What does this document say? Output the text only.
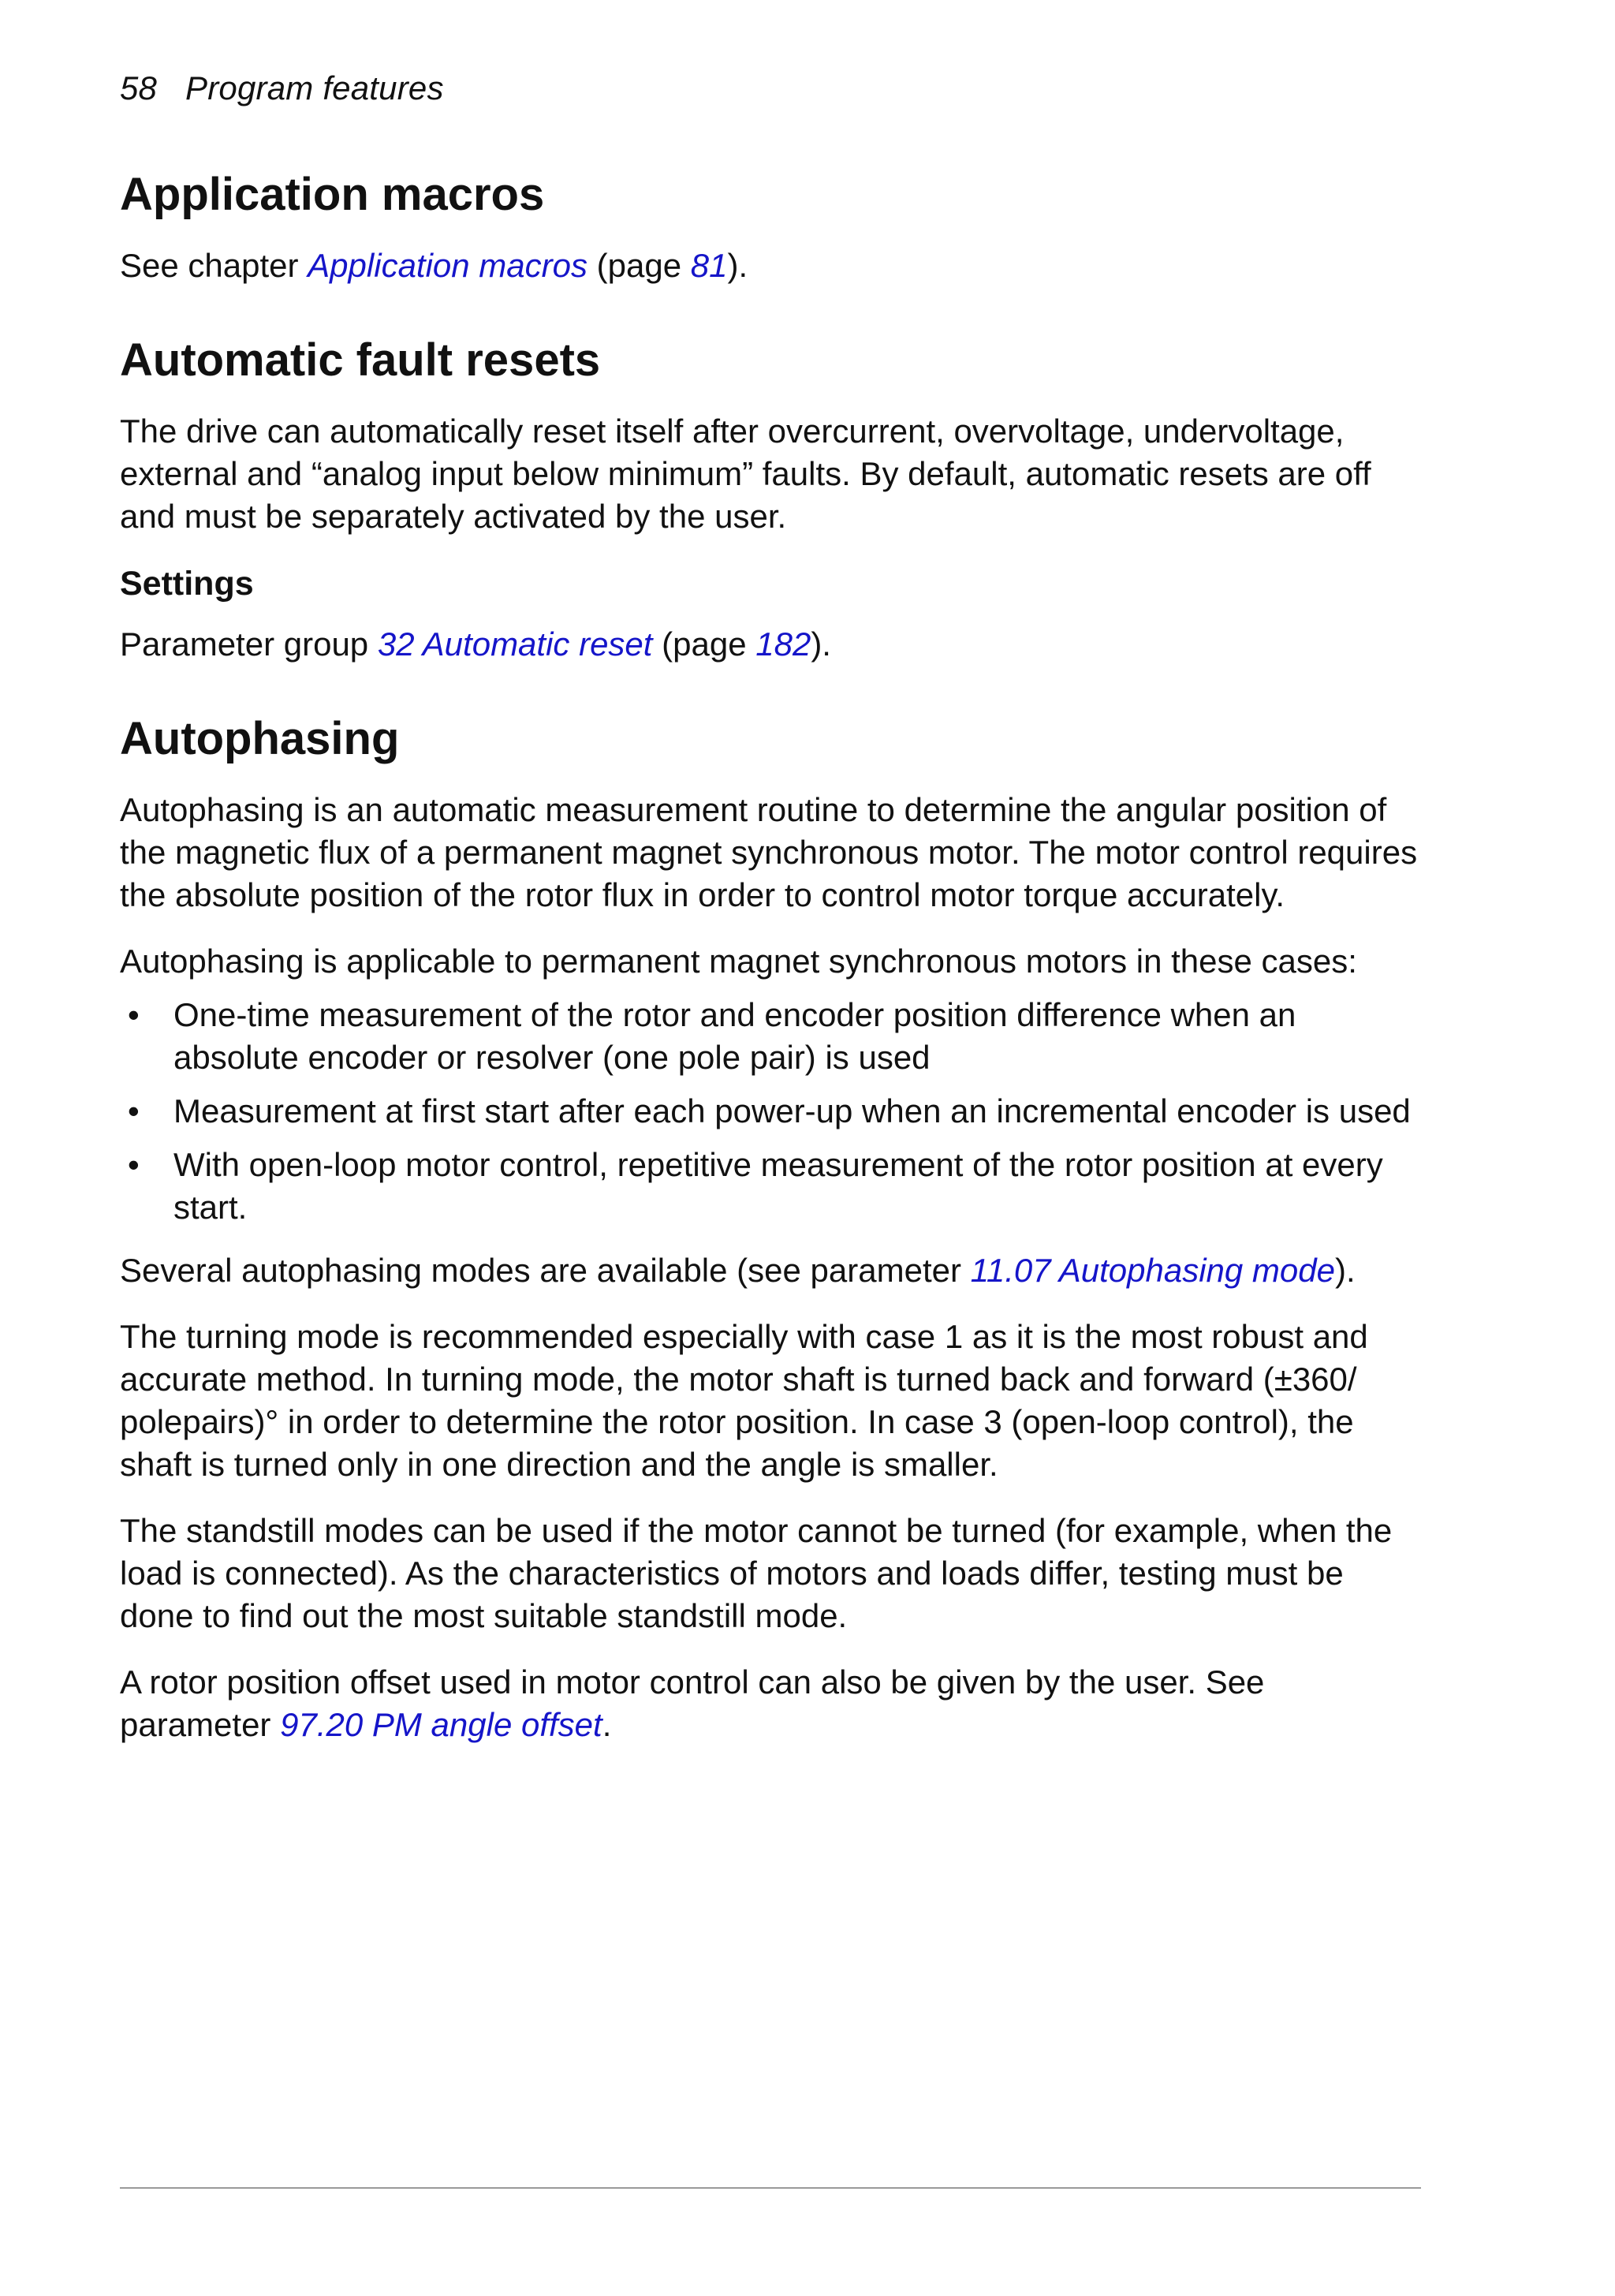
58 Program features
Application macros

See chapter Application macros (page 81).

Automatic fault resets

The drive can automatically reset itself after overcurrent, overvoltage, undervoltage, external and “analog input below minimum” faults. By default, automatic resets are off and must be separately activated by the user.

Settings

Parameter group 32 Automatic reset (page 182).

Autophasing

Autophasing is an automatic measurement routine to determine the angular position of the magnetic flux of a permanent magnet synchronous motor. The motor control requires the absolute position of the rotor flux in order to control motor torque accurately.

Autophasing is applicable to permanent magnet synchronous motors in these cases:

• One-time measurement of the rotor and encoder position difference when an absolute encoder or resolver (one pole pair) is used
• Measurement at first start after each power-up when an incremental encoder is used
• With open-loop motor control, repetitive measurement of the rotor position at every start.

Several autophasing modes are available (see parameter 11.07 Autophasing mode).

The turning mode is recommended especially with case 1 as it is the most robust and accurate method. In turning mode, the motor shaft is turned back and forward (±360/ polepairs)° in order to determine the rotor position. In case 3 (open-loop control), the shaft is turned only in one direction and the angle is smaller.

The standstill modes can be used if the motor cannot be turned (for example, when the load is connected). As the characteristics of motors and loads differ, testing must be done to find out the most suitable standstill mode.

A rotor position offset used in motor control can also be given by the user. See parameter 97.20 PM angle offset.
